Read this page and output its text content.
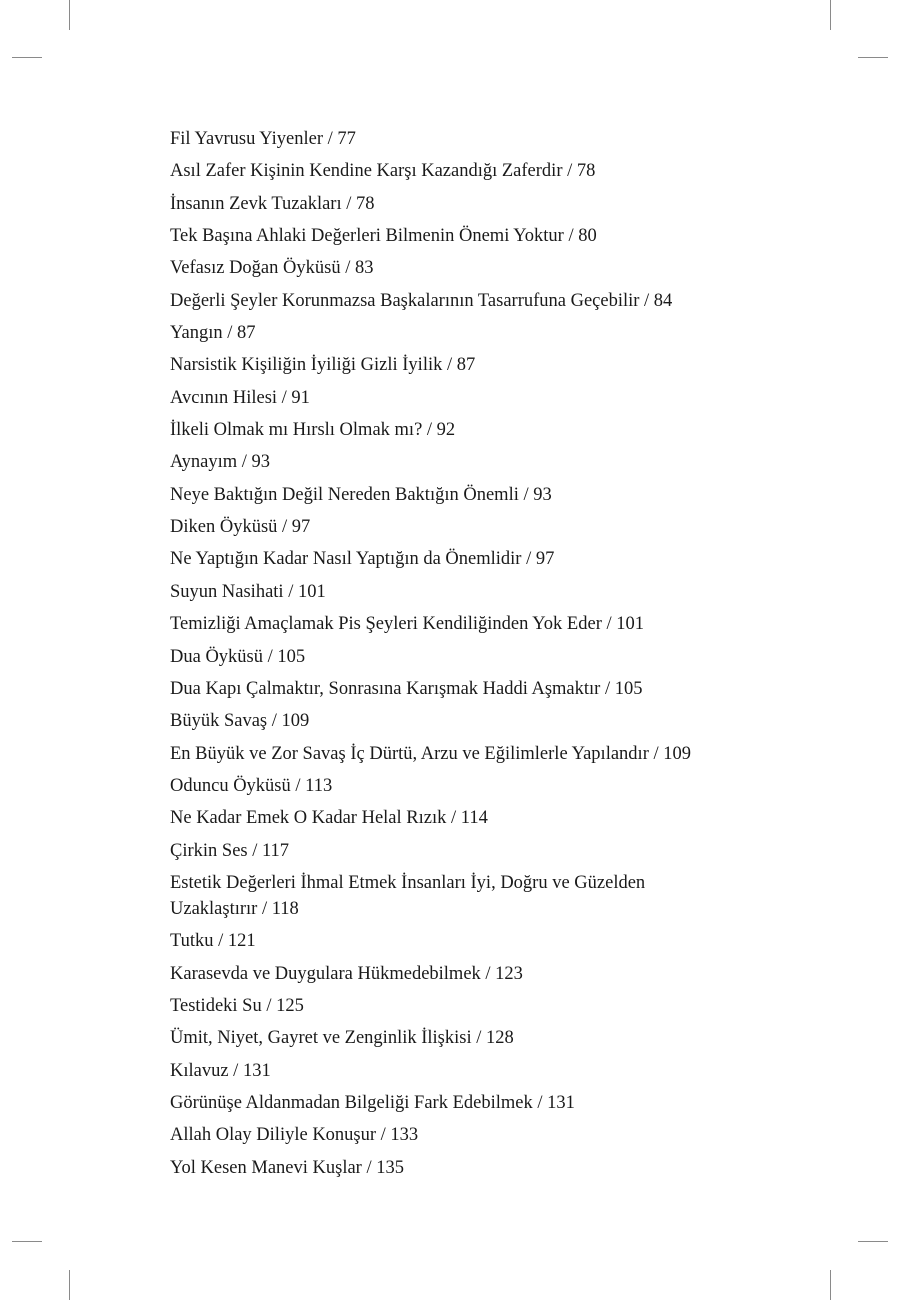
Fil Yavrusu Yiyenler / 77
Asıl Zafer Kişinin Kendine Karşı Kazandığı Zaferdir / 78
İnsanın Zevk Tuzakları / 78
Tek Başına Ahlaki Değerleri Bilmenin Önemi Yoktur / 80
Vefasız Doğan Öyküsü / 83
Değerli Şeyler Korunmazsa Başkalarının Tasarrufuna Geçebilir / 84
Yangın / 87
Narsistik Kişiliğin İyiliği Gizli İyilik / 87
Avcının Hilesi / 91
İlkeli Olmak mı Hırslı Olmak mı? / 92
Aynayım / 93
Neye Baktığın Değil Nereden Baktığın Önemli / 93
Diken Öyküsü / 97
Ne Yaptığın Kadar Nasıl Yaptığın da Önemlidir / 97
Suyun Nasihati / 101
Temizliği Amaçlamak Pis Şeyleri Kendiliğinden Yok Eder / 101
Dua Öyküsü / 105
Dua Kapı Çalmaktır, Sonrasına Karışmak Haddi Aşmaktır / 105
Büyük Savaş / 109
En Büyük ve Zor Savaş İç Dürtü, Arzu ve Eğilimlerle Yapılandır / 109
Oduncu Öyküsü / 113
Ne Kadar Emek O Kadar Helal Rızık / 114
Çirkin Ses / 117
Estetik Değerleri İhmal Etmek İnsanları İyi, Doğru ve Güzelden Uzaklaştırır / 118
Tutku / 121
Karasevda ve Duygulara Hükmedebilmek / 123
Testideki Su / 125
Ümit, Niyet, Gayret ve Zenginlik İlişkisi / 128
Kılavuz / 131
Görünüşe Aldanmadan Bilgeliği Fark Edebilmek / 131
Allah Olay Diliyle Konuşur / 133
Yol Kesen Manevi Kuşlar / 135
